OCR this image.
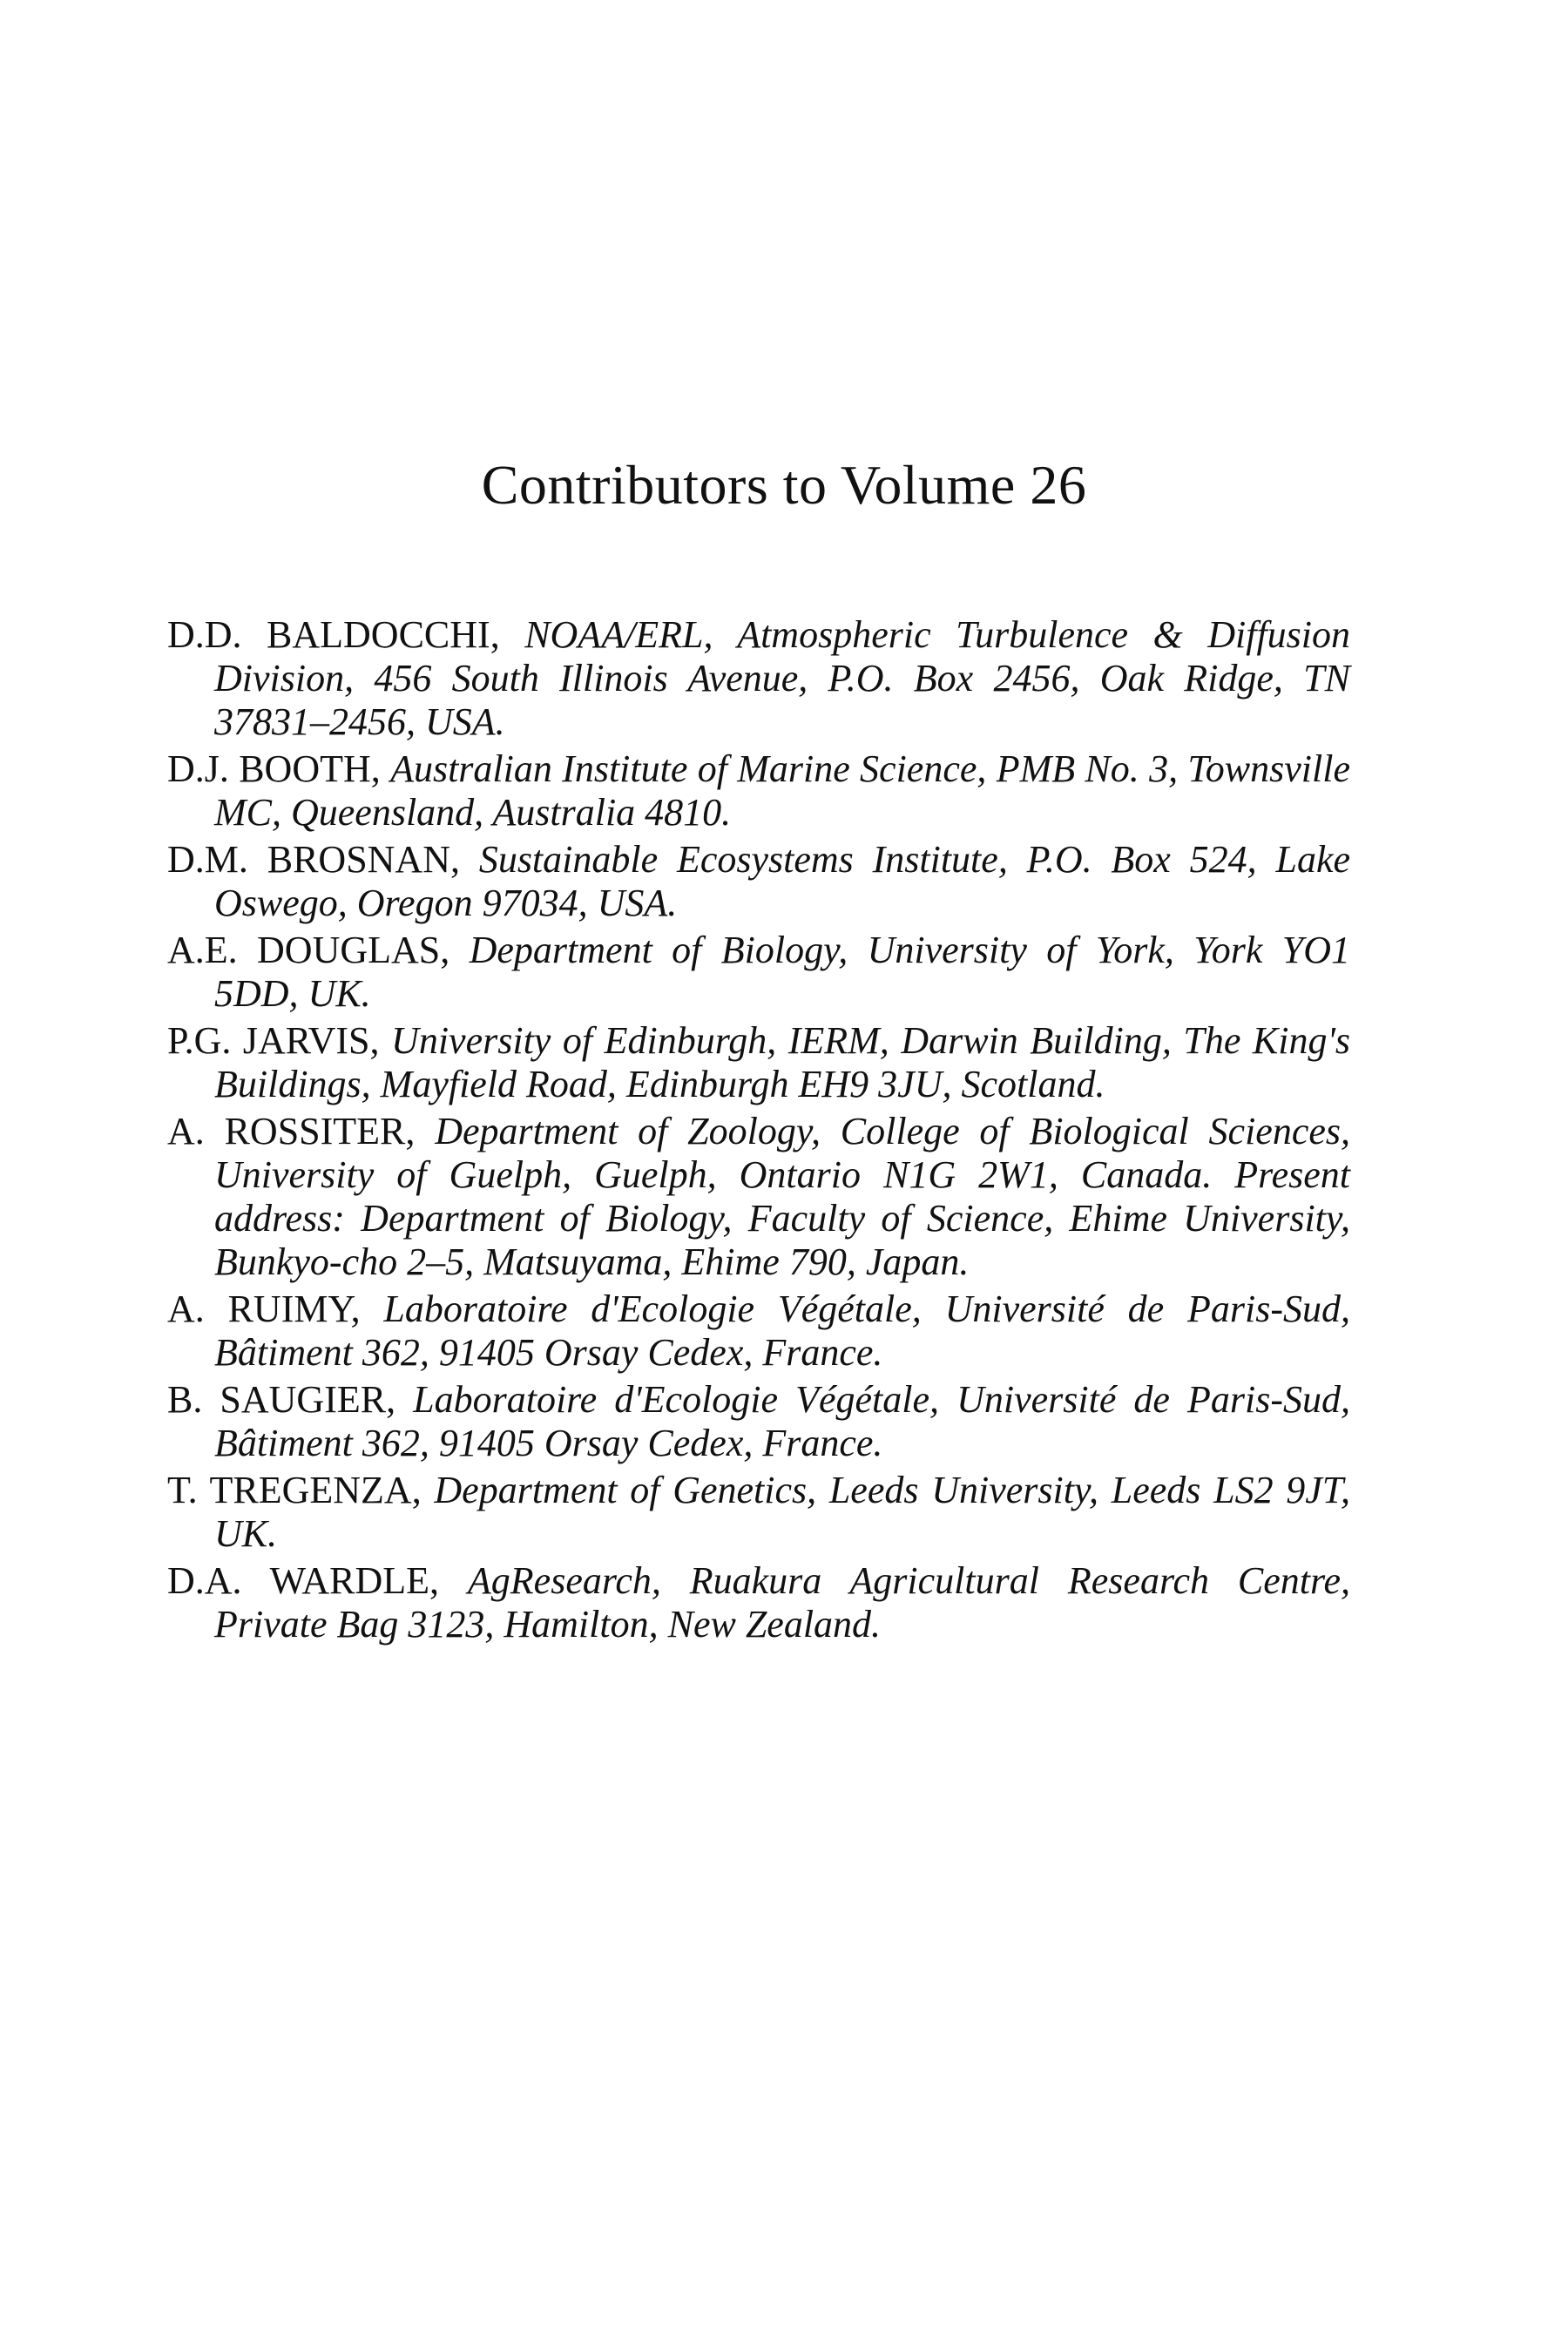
Contributors to Volume 26
D.D. BALDOCCHI, NOAA/ERL, Atmospheric Turbulence & Diffusion Division, 456 South Illinois Avenue, P.O. Box 2456, Oak Ridge, TN 37831–2456, USA.
D.J. BOOTH, Australian Institute of Marine Science, PMB No. 3, Townsville MC, Queensland, Australia 4810.
D.M. BROSNAN, Sustainable Ecosystems Institute, P.O. Box 524, Lake Oswego, Oregon 97034, USA.
A.E. DOUGLAS, Department of Biology, University of York, York YO1 5DD, UK.
P.G. JARVIS, University of Edinburgh, IERM, Darwin Building, The King's Buildings, Mayfield Road, Edinburgh EH9 3JU, Scotland.
A. ROSSITER, Department of Zoology, College of Biological Sciences, University of Guelph, Guelph, Ontario N1G 2W1, Canada. Present address: Department of Biology, Faculty of Science, Ehime University, Bunkyo-cho 2–5, Matsuyama, Ehime 790, Japan.
A. RUIMY, Laboratoire d'Ecologie Végétale, Université de Paris-Sud, Bâtiment 362, 91405 Orsay Cedex, France.
B. SAUGIER, Laboratoire d'Ecologie Végétale, Université de Paris-Sud, Bâtiment 362, 91405 Orsay Cedex, France.
T. TREGENZA, Department of Genetics, Leeds University, Leeds LS2 9JT, UK.
D.A. WARDLE, AgResearch, Ruakura Agricultural Research Centre, Private Bag 3123, Hamilton, New Zealand.
